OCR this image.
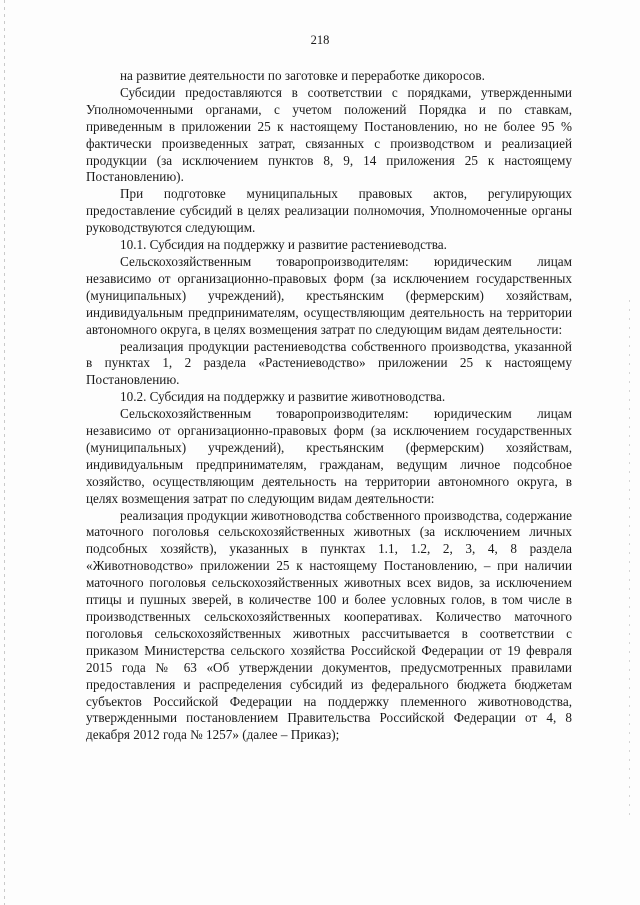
218

на развитие деятельности по заготовке и переработке дикоросов.

Субсидии предоставляются в соответствии с порядками, утвержденными Уполномоченными органами, с учетом положений Порядка и по ставкам, приведенным в приложении 25 к настоящему Постановлению, но не более 95 % фактически произведенных затрат, связанных с производством и реализацией продукции (за исключением пунктов 8, 9, 14 приложения 25 к настоящему Постановлению).

При подготовке муниципальных правовых актов, регулирующих предоставление субсидий в целях реализации полномочия, Уполномоченные органы руководствуются следующим.

10.1. Субсидия на поддержку и развитие растениеводства.

Сельскохозяйственным товаропроизводителям: юридическим лицам независимо от организационно-правовых форм (за исключением государственных (муниципальных) учреждений), крестьянским (фермерским) хозяйствам, индивидуальным предпринимателям, осуществляющим деятельность на территории автономного округа, в целях возмещения затрат по следующим видам деятельности:

реализация продукции растениеводства собственного производства, указанной в пунктах 1, 2 раздела «Растениеводство» приложении 25 к настоящему Постановлению.

10.2. Субсидия на поддержку и развитие животноводства.

Сельскохозяйственным товаропроизводителям: юридическим лицам независимо от организационно-правовых форм (за исключением государственных (муниципальных) учреждений), крестьянским (фермерским) хозяйствам, индивидуальным предпринимателям, гражданам, ведущим личное подсобное хозяйство, осуществляющим деятельность на территории автономного округа, в целях возмещения затрат по следующим видам деятельности:

реализация продукции животноводства собственного производства, содержание маточного поголовья сельскохозяйственных животных (за исключением личных подсобных хозяйств), указанных в пунктах 1.1, 1.2, 2, 3, 4, 8 раздела «Животноводство» приложении 25 к настоящему Постановлению, – при наличии маточного поголовья сельскохозяйственных животных всех видов, за исключением птицы и пушных зверей, в количестве 100 и более условных голов, в том числе в производственных сельскохозяйственных кооперативах. Количество маточного поголовья сельскохозяйственных животных рассчитывается в соответствии с приказом Министерства сельского хозяйства Российской Федерации от 19 февраля 2015 года № 63 «Об утверждении документов, предусмотренных правилами предоставления и распределения субсидий из федерального бюджета бюджетам субъектов Российской Федерации на поддержку племенного животноводства, утвержденными постановлением Правительства Российской Федерации от 4, 8 декабря 2012 года № 1257» (далее – Приказ);
